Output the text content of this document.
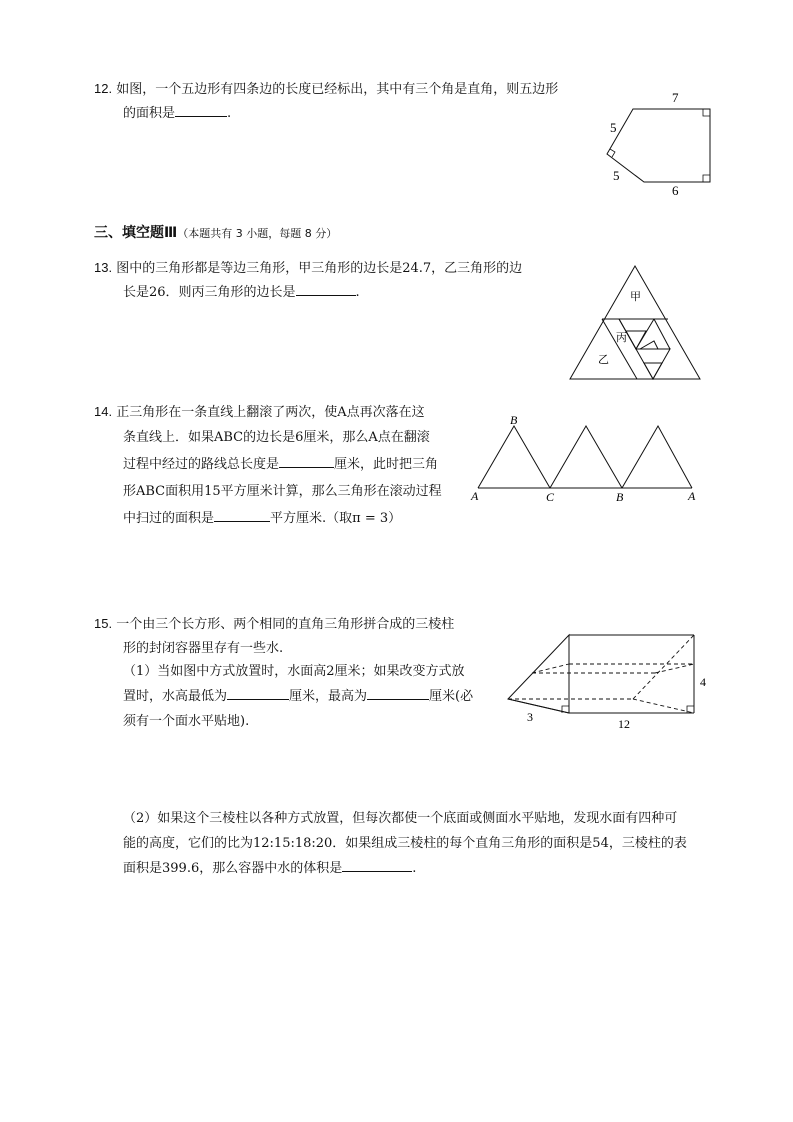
12. 如图，一个五边形有四条边的长度已经标出，其中有三个角是直角，则五边形
的面积是	.
7
5
5
6
三、填空题Ⅲ（本题共有 3 小题，每题 8 分）
13. 图中的三角形都是等边三角形，甲三角形的边长是24.7，乙三角形的边
长是26．则丙三角形的边长是	.	甲
丙
乙
14. 正三角形在一条直线上翻滚了两次，使A点再次落在这
条直线上．如果ABC的边长是6厘米，那么A点在翻滚
过程中经过的路线总长度是	厘米，此时把三角
形ABC面积用15平方厘米计算，那么三角形在滚动过程
中扫过的面积是	平方厘米.（取π = 3）
B
A	C	B	A
15. 一个由三个长方形、两个相同的直角三角形拼合成的三棱柱
形的封闭容器里存有一些水.
（1）当如图中方式放置时，水面高2厘米；如果改变方式放
置时，水高最低为	厘米，最高为	厘米(必
须有一个面水平贴地).
4
3	12
（2）如果这个三棱柱以各种方式放置，但每次都使一个底面或侧面水平贴地，发现水面有四种可
能的高度，它们的比为12:15:18:20．如果组成三棱柱的每个直角三角形的面积是54，三棱柱的表
面积是399.6，那么容器中水的体积是	.
